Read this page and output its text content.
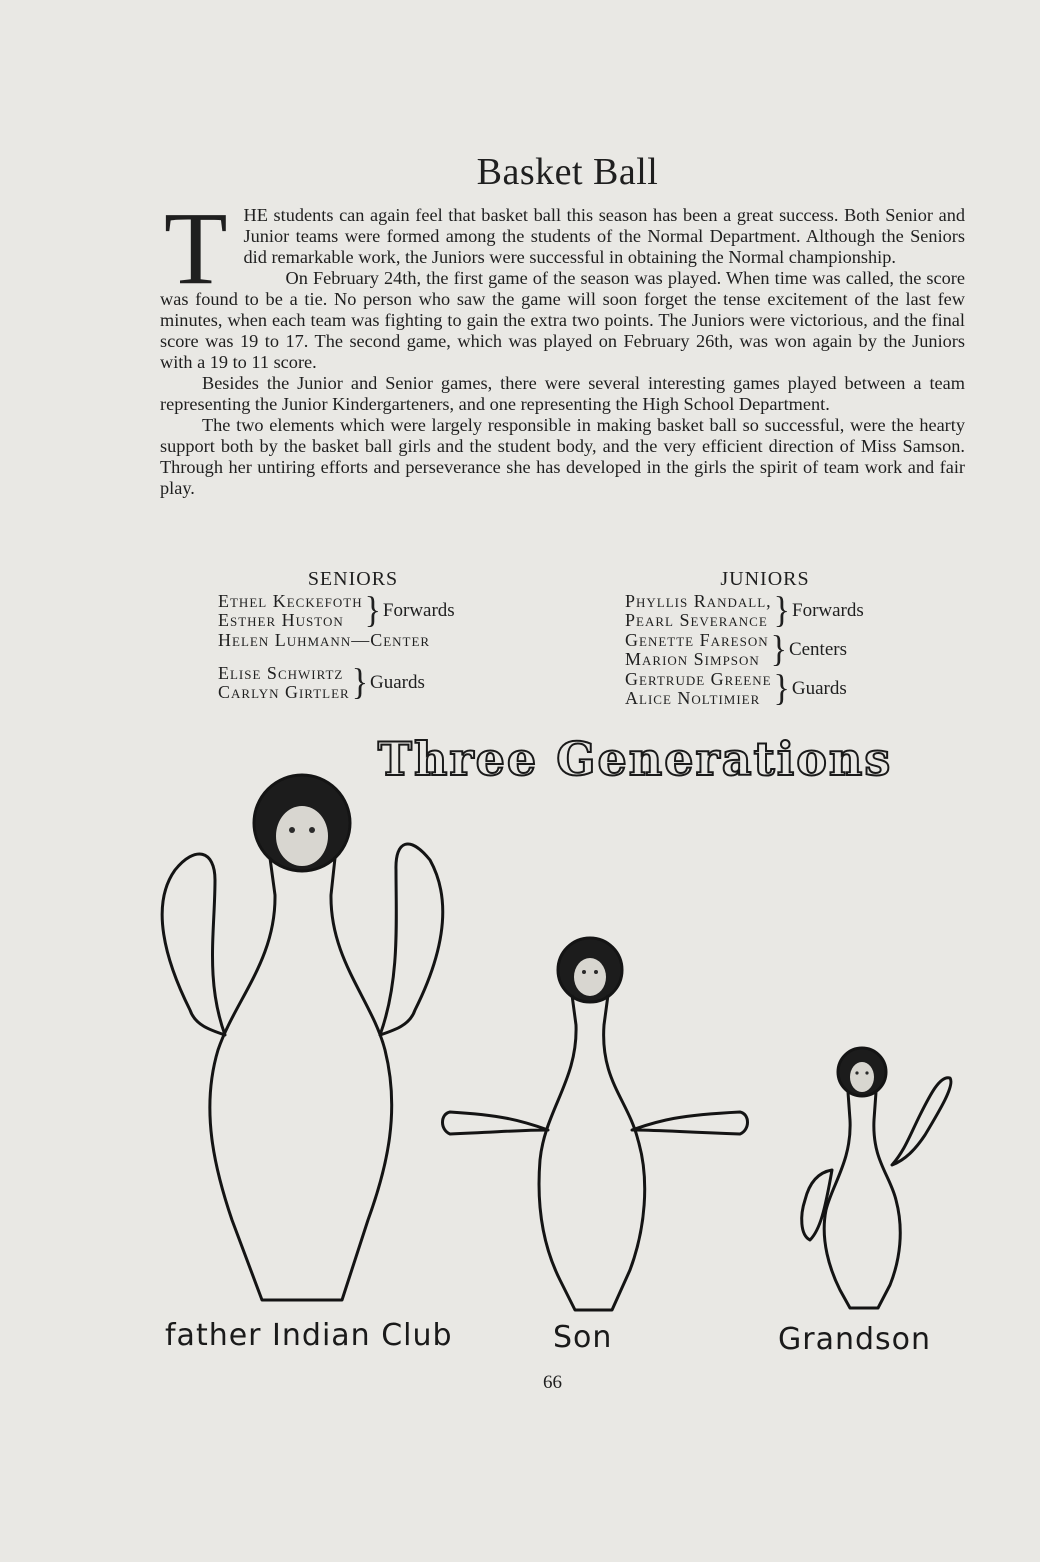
Basket Ball

THE students can again feel that basket ball this season has been a great success. Both Senior and Junior teams were formed among the students of the Normal Department. Although the Seniors did remarkable work, the Juniors were successful in obtaining the Normal championship.

On February 24th, the first game of the season was played. When time was called, the score was found to be a tie. No person who saw the game will soon forget the tense excitement of the last few minutes, when each team was fighting to gain the extra two points. The Juniors were victorious, and the final score was 19 to 17. The second game, which was played on February 26th, was won again by the Juniors with a 19 to 11 score.

Besides the Junior and Senior games, there were several interesting games played between a team representing the Junior Kindergarteners, and one representing the High School Department.

The two elements which were largely responsible in making basket ball so successful, were the hearty support both by the basket ball girls and the student body, and the very efficient direction of Miss Samson. Through her untiring efforts and perseverance she has developed in the girls the spirit of team work and fair play.

SENIORS
Ethel Keckefoth
Esther Huston } Forwards
Helen Luhmann—Center
Elise Schwirtz
Carlyn Girtler} Guards
JUNIORS
Phyllis Randall,
Pearl Severance } Forwards
Genette Fareson
Marion Simpson } Centers
Gertrude Greene
Alice Noltimier } Guards
Three Generations
father Indian Club	Son	Grandson
66
